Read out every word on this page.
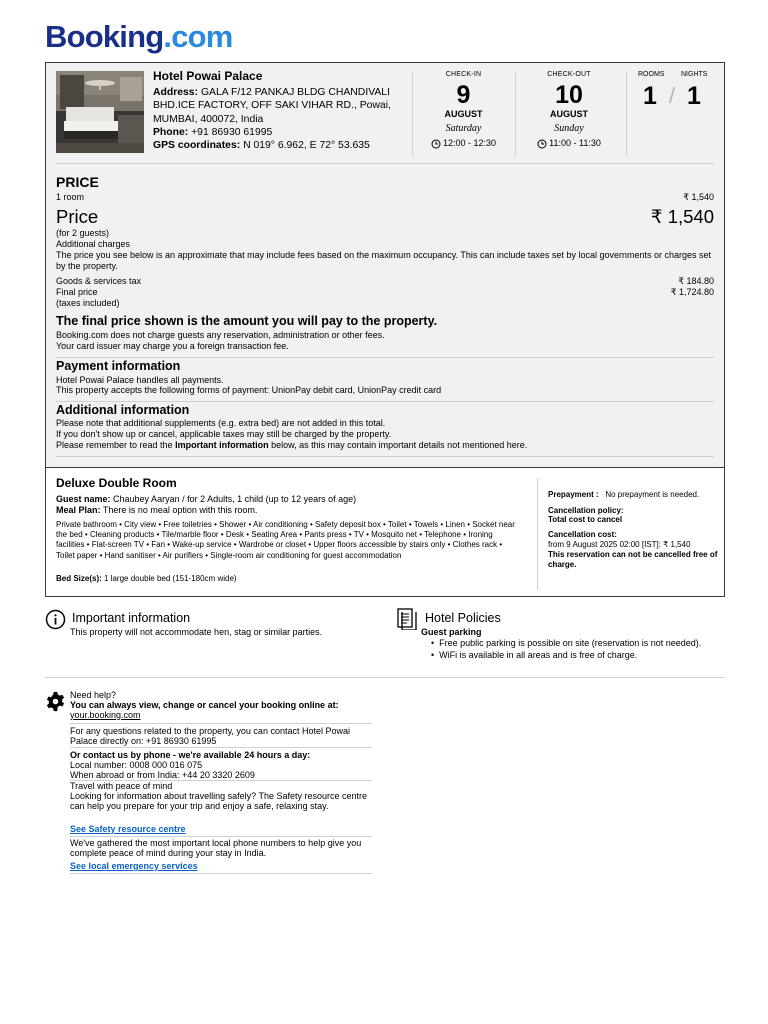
Booking.com
Hotel Powai Palace
Address: GALA F/12 PANKAJ BLDG CHANDIVALI BHD.ICE FACTORY, OFF SAKI VIHAR RD., Powai, MUMBAI, 400072, India
Phone: +91 86930 61995
GPS coordinates: N 019° 6.962, E 72° 53.635
CHECK-IN
9
AUGUST
Saturday
12:00 - 12:30
CHECK-OUT
10
AUGUST
Sunday
11:00 - 11:30
ROOMS NIGHTS
1 / 1
PRICE
1 room	₹ 1,540
Price	₹ 1,540
(for 2 guests)
Additional charges
The price you see below is an approximate that may include fees based on the maximum occupancy. This can include taxes set by local governments or charges set by the property.
Goods & services tax	₹ 184.80
Final price	₹ 1,724.80
(taxes included)
The final price shown is the amount you will pay to the property.
Booking.com does not charge guests any reservation, administration or other fees.
Your card issuer may charge you a foreign transaction fee.
Payment information
Hotel Powai Palace handles all payments.
This property accepts the following forms of payment: UnionPay debit card, UnionPay credit card
Additional information
Please note that additional supplements (e.g. extra bed) are not added in this total.
If you don't show up or cancel, applicable taxes may still be charged by the property.
Please remember to read the Important information below, as this may contain important details not mentioned here.
Deluxe Double Room
Guest name: Chaubey Aaryan / for 2 Adults, 1 child (up to 12 years of age)
Meal Plan: There is no meal option with this room.
Private bathroom • City view • Free toiletries • Shower • Air conditioning • Safety deposit box • Toilet • Towels • Linen • Socket near the bed • Cleaning products • Tile/marble floor • Desk • Seating Area • Pants press • TV • Mosquito net • Telephone • Ironing facilities • Flat-screen TV • Fan • Wake-up service • Wardrobe or closet • Upper floors accessible by stairs only • Clothes rack • Toilet paper • Hand sanitiser • Air purifiers • Single-room air conditioning for guest accommodation
Bed Size(s): 1 large double bed (151-180cm wide)
Prepayment : No prepayment is needed.
Cancellation policy:
Total cost to cancel
Cancellation cost:
from 9 August 2025 02:00 [IST]: ₹ 1,540
This reservation can not be cancelled free of charge.
Important information
This property will not accommodate hen, stag or similar parties.
Hotel Policies
Guest parking
•  Free public parking is possible on site (reservation is not needed).
•  WiFi is available in all areas and is free of charge.
Need help?
You can always view, change or cancel your booking online at:
your.booking.com
For any questions related to the property, you can contact Hotel Powai Palace directly on: +91 86930 61995
Or contact us by phone - we're available 24 hours a day:
Local number: 0008 000 016 075
When abroad or from India: +44 20 3320 2609
Travel with peace of mind
Looking for information about travelling safely? The Safety resource centre can help you prepare for your trip and enjoy a safe, relaxing stay.
See Safety resource centre
We've gathered the most important local phone numbers to help give you complete peace of mind during your stay in India.
See local emergency services
